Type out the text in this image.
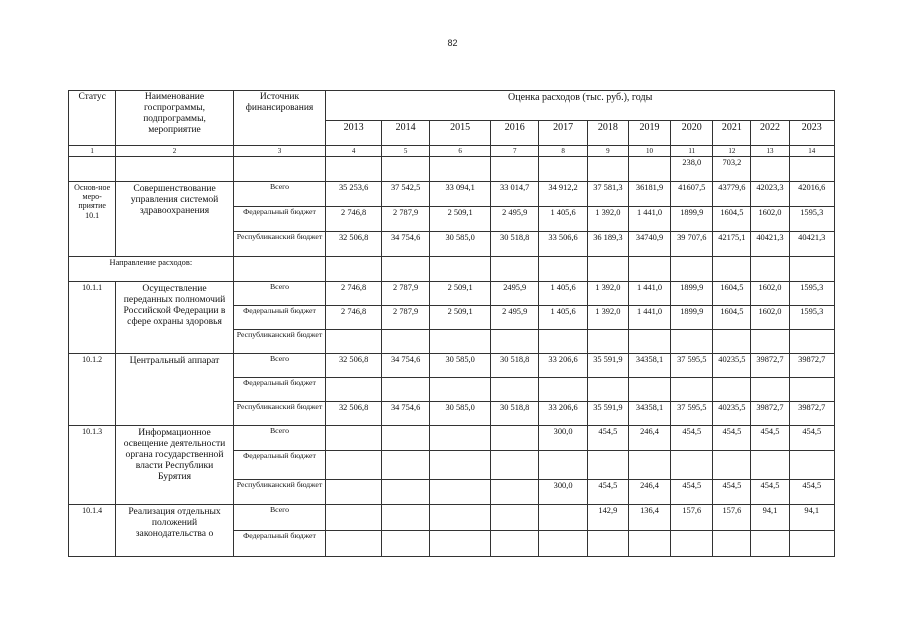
82
Статус	Наименование госпрограммы, подпрограммы, мероприятие	Источник финансирования	Оценка расходов (тыс. руб.), годы										
			2013	2014	2015	2016	2017	2018	2019	2020	2021	2022	2023
1	2	3	4	5	6	7	8	9	10	11	12	13	14
										238,0	703,2		
Основ-ное меро-приятие 10.1	Совершенствование управления системой здравоохранения	Всего	35 253,6	37 542,5	33 094,1	33 014,7	34 912,2	37 581,3	36181,9	41607,5	43779,6	42023,3	42016,6
		Федеральный бюджет	2 746,8	2 787,9	2 509,1	2 495,9	1 405,6	1 392,0	1 441,0	1899,9	1604,5	1602,0	1595,3
		Республиканский бюджет	32 506,8	34 754,6	30 585,0	30 518,8	33 506,6	36 189,3	34740,9	39 707,6	42175,1	40421,3	40421,3
Направление расходов:													
10.1.1	Осуществление переданных полномочий Российской Федерации в сфере охраны здоровья	Всего	2 746,8	2 787,9	2 509,1	2495,9	1 405,6	1 392,0	1 441,0	1899,9	1604,5	1602,0	1595,3
		Федеральный бюджет	2 746,8	2 787,9	2 509,1	2 495,9	1 405,6	1 392,0	1 441,0	1899,9	1604,5	1602,0	1595,3
		Республиканский бюджет											
10.1.2	Центральный аппарат	Всего	32 506,8	34 754,6	30 585,0	30 518,8	33 206,6	35 591,9	34358,1	37 595,5	40235,5	39872,7	39872,7
		Федеральный бюджет											
		Республиканский бюджет	32 506,8	34 754,6	30 585,0	30 518,8	33 206,6	35 591,9	34358,1	37 595,5	40235,5	39872,7	39872,7
10.1.3	Информационное освещение деятельности органа государственной власти Республики Бурятия	Всего					300,0	454,5	246,4	454,5	454,5	454,5	454,5
		Федеральный бюджет											
		Республиканский бюджет					300,0	454,5	246,4	454,5	454,5	454,5	454,5
10.1.4	Реализация отдельных положений законодательства о	Всего						142,9	136,4	157,6	157,6	94,1	94,1
		Федеральный бюджет											
